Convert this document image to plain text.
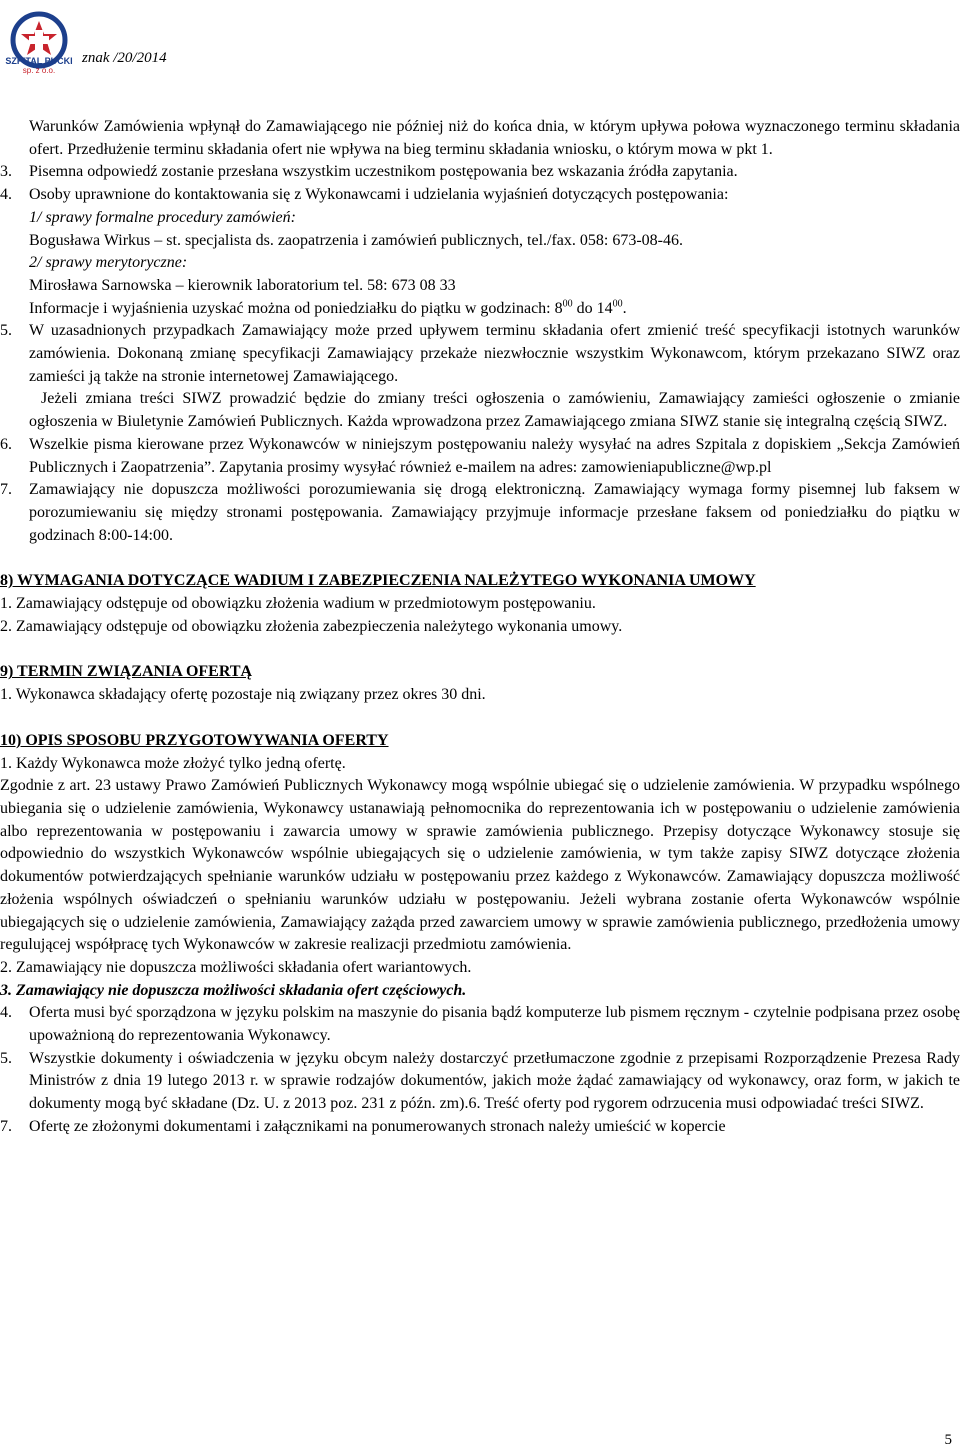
SZPITAL PUCKI
sp. z o.o.
znak /20/2014

Warunków Zamówienia wpłynął do Zamawiającego nie później niż do końca dnia, w którym upływa połowa wyznaczonego terminu składania ofert. Przedłużenie terminu składania ofert nie wpływa na bieg terminu składania wniosku, o którym mowa w pkt 1.

3.	Pisemna odpowiedź zostanie przesłana wszystkim uczestnikom postępowania bez wskazania źródła zapytania.
4.	Osoby uprawnione do kontaktowania się z Wykonawcami i udzielania wyjaśnień dotyczących postępowania:

1/ sprawy formalne procedury zamówień:

Bogusława Wirkus – st. specjalista ds. zaopatrzenia i zamówień publicznych, tel./fax. 058: 673-08-46.

2/ sprawy merytoryczne:

Mirosława Sarnowska – kierownik laboratorium tel. 58: 673 08 33

Informacje i wyjaśnienia uzyskać można od poniedziałku do piątku w godzinach: $8^{00}$ do $14^{00}$.

5.	W uzasadnionych przypadkach Zamawiający może przed upływem terminu składania ofert zmienić treść specyfikacji istotnych warunków zamówienia. Dokonaną zmianę specyfikacji Zamawiający przekaże niezwłocznie wszystkim Wykonawcom, którym przekazano SIWZ oraz zamieści ją także na stronie internetowej Zamawiającego.

Jeżeli zmiana treści SIWZ prowadzić będzie do zmiany treści ogłoszenia o zamówieniu, Zamawiający zamieści ogłoszenie o zmianie ogłoszenia w Biuletynie Zamówień Publicznych. Każda wprowadzona przez Zamawiającego zmiana SIWZ stanie się integralną częścią SIWZ.

6.	Wszelkie pisma kierowane przez Wykonawców w niniejszym postępowaniu należy wysyłać na adres Szpitala z dopiskiem „Sekcja Zamówień Publicznych i Zaopatrzenia”. Zapytania prosimy wysyłać również e-mailem na adres: zamowieniapubliczne@wp.pl
7.	Zamawiający nie dopuszcza możliwości porozumiewania się drogą elektroniczną. Zamawiający wymaga formy pisemnej lub faksem w porozumiewaniu się między stronami postępowania. Zamawiający przyjmuje informacje przesłane faksem od poniedziałku do piątku w godzinach 8:00-14:00.

8) WYMAGANIA DOTYCZĄCE WADIUM I ZABEZPIECZENIA NALEŻYTEGO WYKONANIA UMOWY

1. Zamawiający odstępuje od obowiązku złożenia wadium w przedmiotowym postępowaniu.

2. Zamawiający odstępuje od obowiązku złożenia zabezpieczenia należytego wykonania umowy.

9) TERMIN ZWIĄZANIA OFERTĄ

1. Wykonawca składający ofertę pozostaje nią związany przez okres 30 dni.

10) OPIS SPOSOBU PRZYGOTOWYWANIA OFERTY

1. Każdy Wykonawca może złożyć tylko jedną ofertę.

Zgodnie z art. 23 ustawy Prawo Zamówień Publicznych Wykonawcy mogą wspólnie ubiegać się o udzielenie zamówienia. W przypadku wspólnego ubiegania się o udzielenie zamówienia, Wykonawcy ustanawiają pełnomocnika do reprezentowania ich w postępowaniu o udzielenie zamówienia albo reprezentowania w postępowaniu i zawarcia umowy w sprawie zamówienia publicznego. Przepisy dotyczące Wykonawcy stosuje się odpowiednio do wszystkich Wykonawców wspólnie ubiegających się o udzielenie zamówienia, w tym także zapisy SIWZ dotyczące złożenia dokumentów potwierdzających spełnianie warunków udziału w postępowaniu przez każdego z Wykonawców. Zamawiający dopuszcza możliwość złożenia wspólnych oświadczeń o spełnianiu warunków udziału w postępowaniu. Jeżeli wybrana zostanie oferta Wykonawców wspólnie ubiegających się o udzielenie zamówienia, Zamawiający zażąda przed zawarciem umowy w sprawie zamówienia publicznego, przedłożenia umowy regulującej współpracę tych Wykonawców w zakresie realizacji przedmiotu zamówienia.

2. Zamawiający nie dopuszcza możliwości składania ofert wariantowych.

3. Zamawiający nie dopuszcza możliwości składania ofert częściowych.

4.	Oferta musi być sporządzona w języku polskim na maszynie do pisania bądź komputerze lub pismem ręcznym - czytelnie podpisana przez osobę upoważnioną do reprezentowania Wykonawcy.
5.	Wszystkie dokumenty i oświadczenia w języku obcym należy dostarczyć przetłumaczone zgodnie z przepisami Rozporządzenie Prezesa Rady Ministrów z dnia 19 lutego 2013 r. w sprawie rodzajów dokumentów, jakich może żądać zamawiający od wykonawcy, oraz form, w jakich te dokumenty mogą być składane (Dz. U. z 2013 poz. 231 z późn. zm).6. Treść oferty pod rygorem odrzucenia musi odpowiadać treści SIWZ.
7.	Ofertę ze złożonymi dokumentami i załącznikami na ponumerowanych stronach należy umieścić w kopercie
5
